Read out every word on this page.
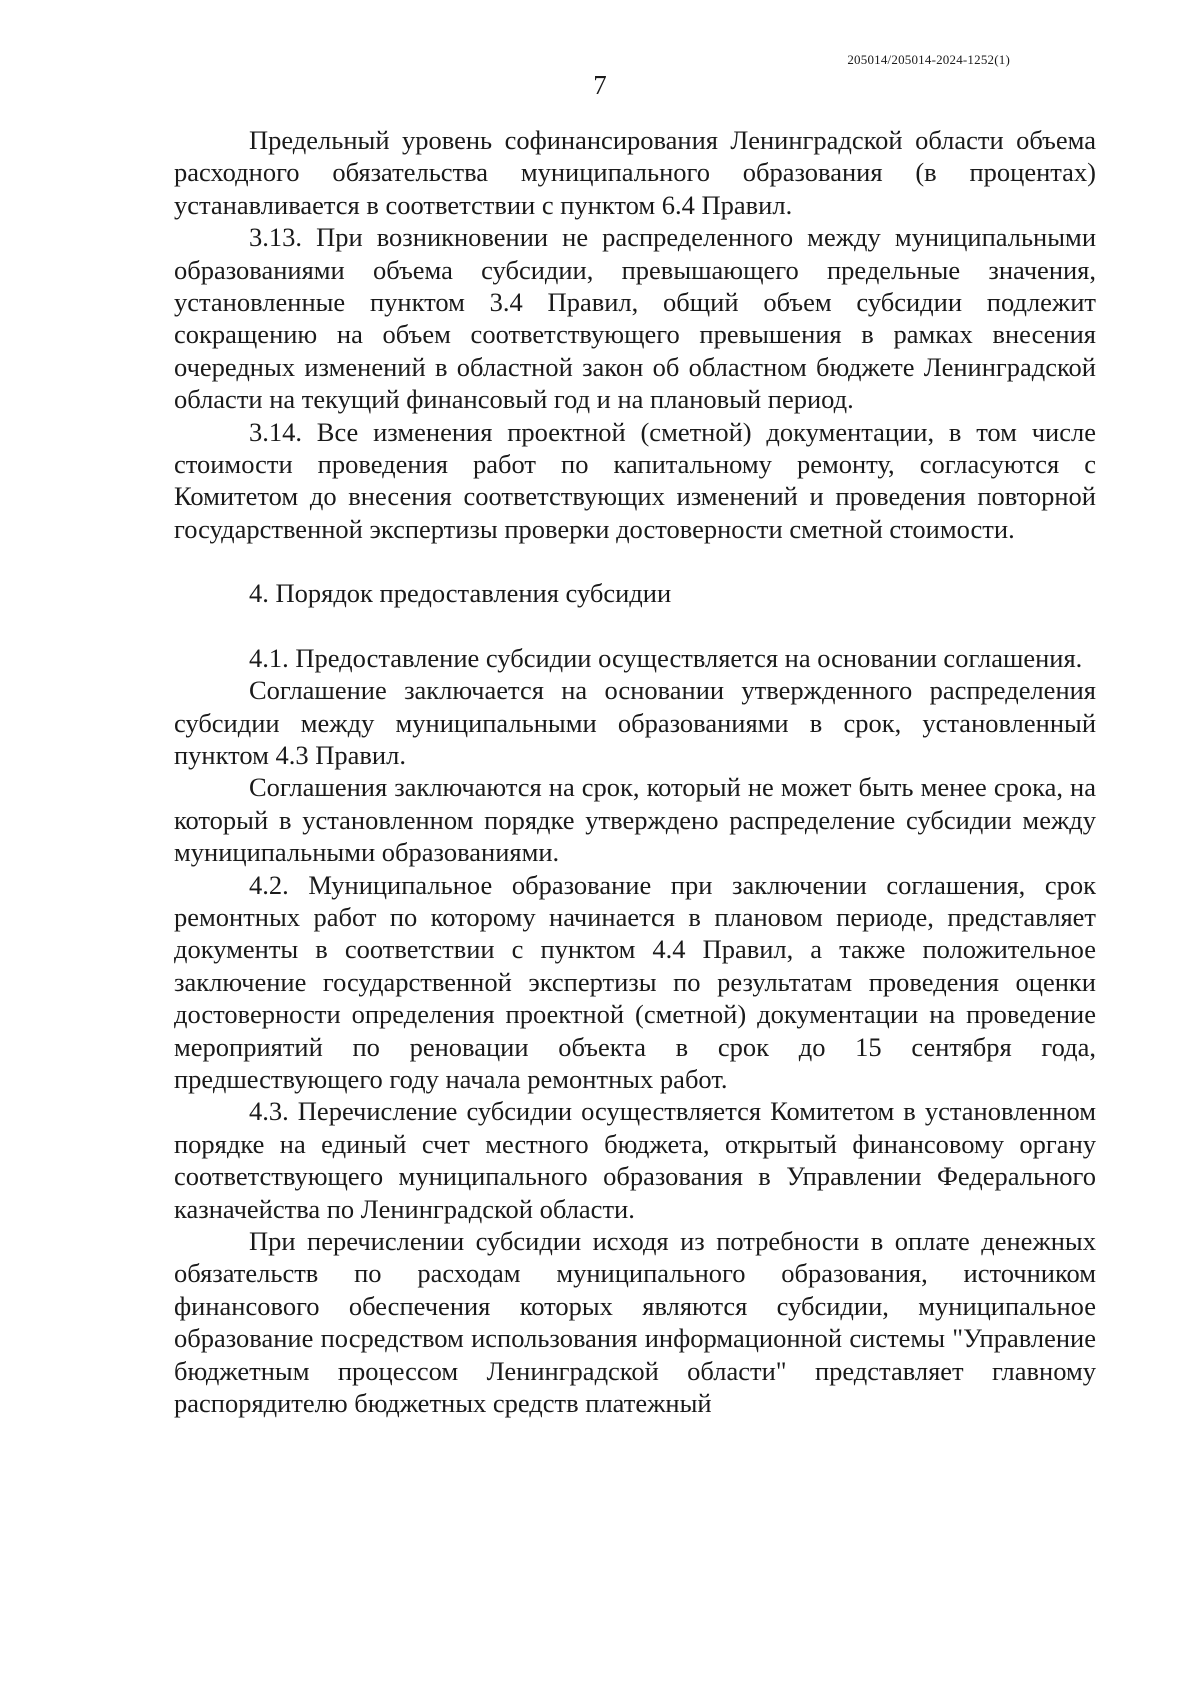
205014/205014-2024-1252(1)
7

Предельный уровень софинансирования Ленинградской области объема расходного обязательства муниципального образования (в процентах) устанавливается в соответствии с пунктом 6.4 Правил.

3.13. При возникновении не распределенного между муниципальными образованиями объема субсидии, превышающего предельные значения, установленные пунктом 3.4 Правил, общий объем субсидии подлежит сокращению на объем соответствующего превышения в рамках внесения очередных изменений в областной закон об областном бюджете Ленинградской области на текущий финансовый год и на плановый период.

3.14. Все изменения проектной (сметной) документации, в том числе стоимости проведения работ по капитальному ремонту, согласуются с Комитетом до внесения соответствующих изменений и проведения повторной государственной экспертизы проверки достоверности сметной стоимости.

4. Порядок предоставления субсидии

4.1. Предоставление субсидии осуществляется на основании соглашения.

Соглашение заключается на основании утвержденного распределения субсидии между муниципальными образованиями в срок, установленный пунктом 4.3 Правил.

Соглашения заключаются на срок, который не может быть менее срока, на который в установленном порядке утверждено распределение субсидии между муниципальными образованиями.

4.2. Муниципальное образование при заключении соглашения, срок ремонтных работ по которому начинается в плановом периоде, представляет документы в соответствии с пунктом 4.4 Правил, а также положительное заключение государственной экспертизы по результатам проведения оценки достоверности определения проектной (сметной) документации на проведение мероприятий по реновации объекта в срок до 15 сентября года, предшествующего году начала ремонтных работ.

4.3. Перечисление субсидии осуществляется Комитетом в установленном порядке на единый счет местного бюджета, открытый финансовому органу соответствующего муниципального образования в Управлении Федерального казначейства по Ленинградской области.

При перечислении субсидии исходя из потребности в оплате денежных обязательств по расходам муниципального образования, источником финансового обеспечения которых являются субсидии, муниципальное образование посредством использования информационной системы "Управление бюджетным процессом Ленинградской области" представляет главному распорядителю бюджетных средств платежный
